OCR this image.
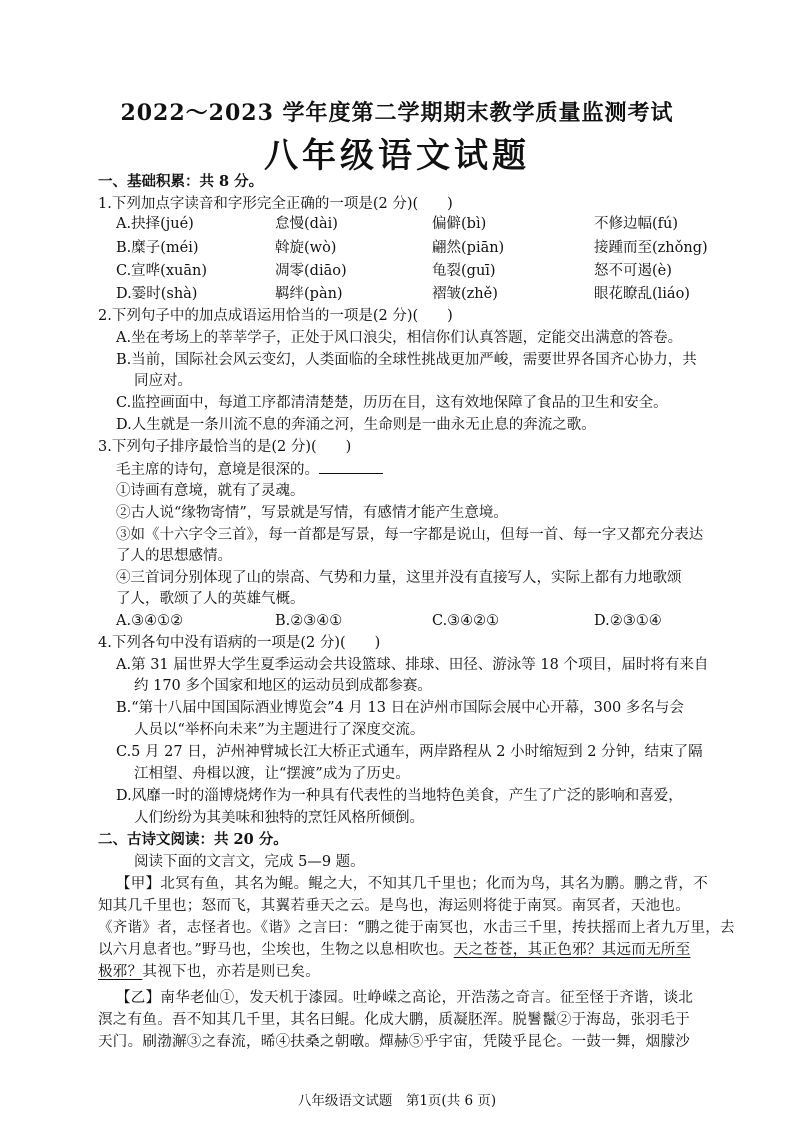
2022～2023 学年度第二学期期末教学质量监测考试
八年级语文试题
一、基础积累：共 8 分。
1.下列加点字读音和字形完全正确的一项是(2 分)(　　)
A.抉择(jué)	怠慢(dài)	偏僻(bì)	不修边幅(fú)
B.糜子(méi)	斡旋(wò)	翩然(piān)	接踵而至(zhǒng)
C.宣哗(xuān)	凋零(diāo)	龟裂(guī)	怒不可遏(è)
D.霎时(shà)	羁绊(pàn)	褶皱(zhě)	眼花瞭乱(liáo)
2.下列句子中的加点成语运用恰当的一项是(2 分)(　　)
A.坐在考场上的莘莘学子，正处于风口浪尖，相信你们认真答题，定能交出满意的答卷。
B.当前，国际社会风云变幻，人类面临的全球性挑战更加严峻，需要世界各国齐心协力，共
同应对。
C.监控画面中，每道工序都清清楚楚，历历在目，这有效地保障了食品的卫生和安全。
D.人生就是一条川流不息的奔涌之河，生命则是一曲永无止息的奔流之歌。
3.下列句子排序最恰当的是(2 分)(　　)
毛主席的诗句，意境是很深的。
①诗画有意境，就有了灵魂。
②古人说“缘物寄情”，写景就是写情，有感情才能产生意境。
③如《十六字令三首》，每一首都是写景，每一字都是说山，但每一首、每一字又都充分表达
了人的思想感情。
④三首词分别体现了山的崇高、气势和力量，这里并没有直接写人，实际上都有力地歌颂
了人，歌颂了人的英雄气概。
A.③④①②	B.②③④①	C.③④②①	D.②③①④
4.下列各句中没有语病的一项是(2 分)(　　)
A.第 31 届世界大学生夏季运动会共设篮球、排球、田径、游泳等 18 个项目，届时将有来自
约 170 多个国家和地区的运动员到成都参赛。
B.“第十八届中国国际酒业博览会”4 月 13 日在泸州市国际会展中心开幕，300 多名与会
人员以“举杯向未来”为主题进行了深度交流。
C.5 月 27 日，泸州神臂城长江大桥正式通车，两岸路程从 2 小时缩短到 2 分钟，结束了隔
江相望、舟楫以渡，让“摆渡”成为了历史。
D.风靡一时的淄博烧烤作为一种具有代表性的当地特色美食，产生了广泛的影响和喜爱，
人们纷纷为其美味和独特的烹饪风格所倾倒。
二、古诗文阅读：共 20 分。
阅读下面的文言文，完成 5—9 题。
【甲】北冥有鱼，其名为鲲。鲲之大，不知其几千里也；化而为鸟，其名为鹏。鹏之背，不
知其几千里也；怒而飞，其翼若垂天之云。是鸟也，海运则将徙于南冥。南冥者，天池也。
《齐谐》者，志怪者也。《谐》之言曰：“鹏之徙于南冥也，水击三千里，抟扶摇而上者九万里，去
以六月息者也。”野马也，尘埃也，生物之以息相吹也。天之苍苍，其正色邪？其远而无所至
极邪？其视下也，亦若是则已矣。
【乙】南华老仙①，发天机于漆园。吐峥嵘之高论，开浩荡之奇言。征至怪于齐谐，谈北
溟之有鱼。吾不知其几千里，其名曰鲲。化成大鹏，质凝胚浑。脱鬐鬣②于海岛，张羽毛于
天门。刷渤澥③之春流，晞④扶桑之朝暾。燀赫⑤乎宇宙，凭陵乎昆仑。一鼓一舞，烟朦沙
八年级语文试题　第1页(共 6 页)
